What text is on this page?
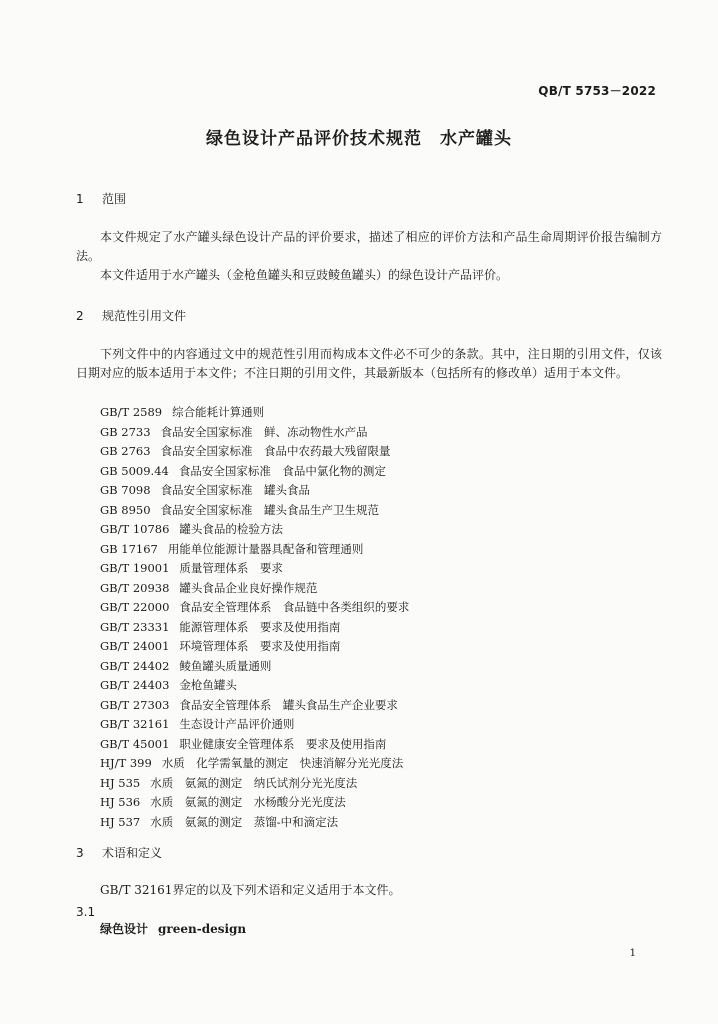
QB/T 5753－2022
绿色设计产品评价技术规范　水产罐头
1 范围
本文件规定了水产罐头绿色设计产品的评价要求，描述了相应的评价方法和产品生命周期评价报告编制方法。
本文件适用于水产罐头（金枪鱼罐头和豆豉鲮鱼罐头）的绿色设计产品评价。
2 规范性引用文件
下列文件中的内容通过文中的规范性引用而构成本文件必不可少的条款。其中，注日期的引用文件，仅该日期对应的版本适用于本文件；不注日期的引用文件，其最新版本（包括所有的修改单）适用于本文件。
GB/T 2589 综合能耗计算通则
GB 2733 食品安全国家标准　鲜、冻动物性水产品
GB 2763 食品安全国家标准　食品中农药最大残留限量
GB 5009.44 食品安全国家标准　食品中氯化物的测定
GB 7098 食品安全国家标准　罐头食品
GB 8950 食品安全国家标准　罐头食品生产卫生规范
GB/T 10786 罐头食品的检验方法
GB 17167 用能单位能源计量器具配备和管理通则
GB/T 19001 质量管理体系　要求
GB/T 20938 罐头食品企业良好操作规范
GB/T 22000 食品安全管理体系　食品链中各类组织的要求
GB/T 23331 能源管理体系　要求及使用指南
GB/T 24001 环境管理体系　要求及使用指南
GB/T 24402 鲮鱼罐头质量通则
GB/T 24403 金枪鱼罐头
GB/T 27303 食品安全管理体系　罐头食品生产企业要求
GB/T 32161 生态设计产品评价通则
GB/T 45001 职业健康安全管理体系　要求及使用指南
HJ/T 399 水质　化学需氧量的测定　快速消解分光光度法
HJ 535 水质　氨氮的测定　纳氏试剂分光光度法
HJ 536 水质　氨氮的测定　水杨酸分光光度法
HJ 537 水质　氨氮的测定　蒸馏-中和滴定法
3 术语和定义
GB/T 32161界定的以及下列术语和定义适用于本文件。
3.1
绿色设计 green-design
1
